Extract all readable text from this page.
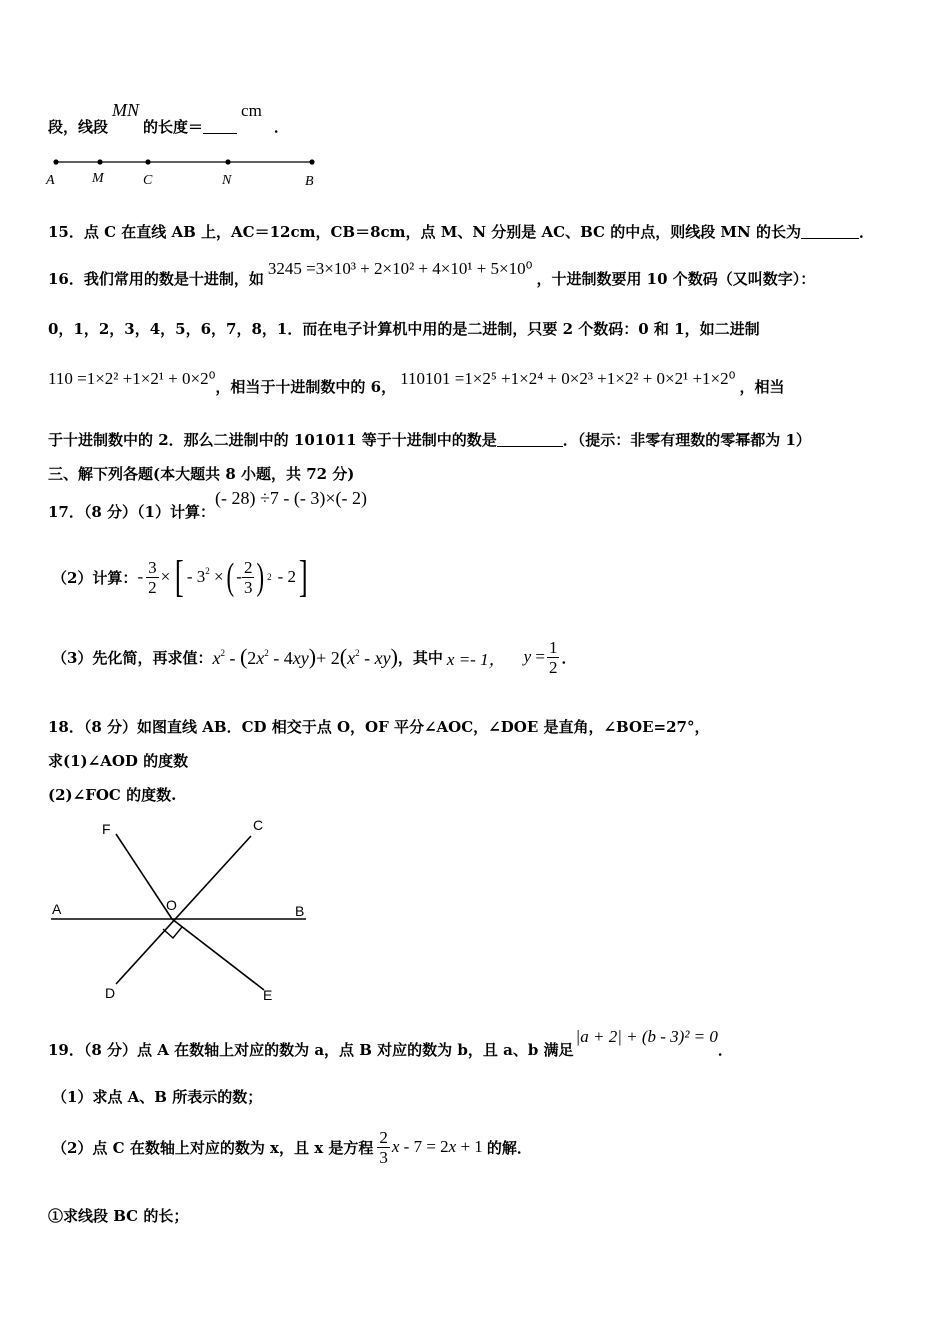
段，线段MN的长度＝cm．
A	M	C	N	B
15．点 C 在直线 AB 上，AC＝12cm，CB＝8cm，点 M、N 分别是 AC、BC 的中点，则线段 MN 的长为	．
16．我们常用的数是十进制，如3245 =3×10³ + 2×10² + 4×10¹ + 5×10⁰，十进制数要用 10 个数码（又叫数字）：
0，1，2，3，4，5，6，7，8，1．而在电子计算机中用的是二进制，只要 2 个数码：0 和 1，如二进制
110 =1×2² +1×2¹ + 0×2⁰，相当于十进制数中的 6， 110101 =1×2⁵ +1×2⁴ + 0×2³ +1×2² + 0×2¹ +1×2⁰ ，相当
于十进制数中的 2．那么二进制中的 101011 等于十进制中的数是	．（提示：非零有理数的零幂都为 1）
三、解下列各题(本大题共 8 小题，共 72 分)
17．（8 分）（1）计算：(- 28) ÷7 - (- 3)×(- 2)
（2）计算： - $\frac{3}{2}$ × [ - $3^2$ × ( - $\frac{2}{3}$ ) 2 - 2 ]
（3）先化简，再求值： $x^2 - (2x^2 - 4xy)+ 2(x^2 - xy)$ ，其中 x =- 1， $y = \frac{1}{2}$ ．
18．（8 分）如图直线 AB．CD 相交于点 O，OF 平分∠AOC，∠DOE 是直角，∠BOE=27°，
求(1)∠AOD 的度数
(2)∠FOC 的度数.
A	B
C
D	E
F
O
19．（8 分）点 A 在数轴上对应的数为 a，点 B 对应的数为 b，且 a、b 满足|a + 2| + (b - 3)² = 0．
（1）求点 A、B 所表示的数；
（2）点 C 在数轴上对应的数为 x，且 x 是方程 $\frac{2}{3}$ x - 7 = 2x + 1 的解．
①求线段 BC 的长；
